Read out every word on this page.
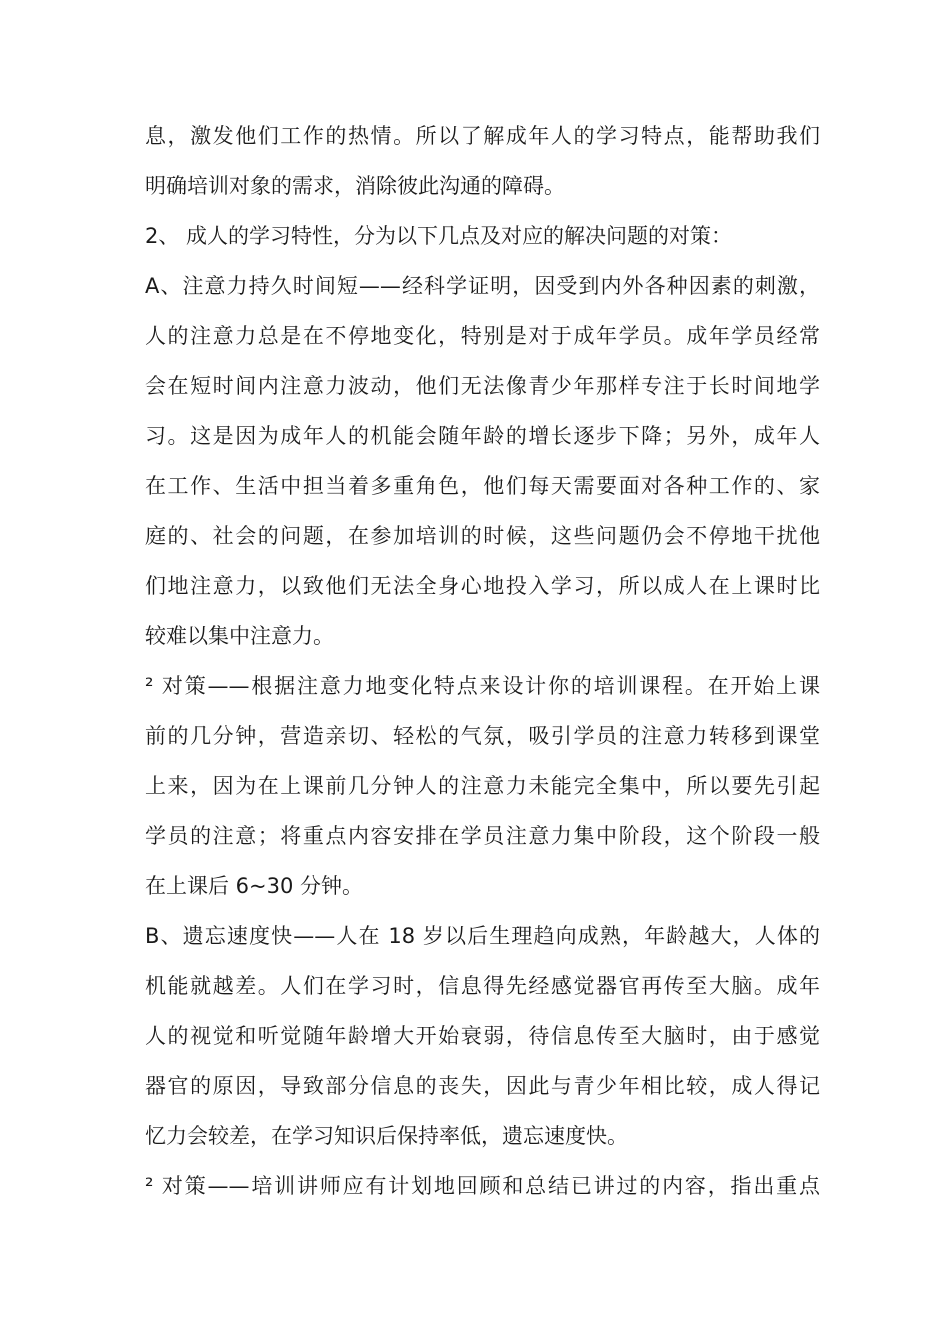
息，激发他们工作的热情。所以了解成年人的学习特点，能帮助我们
明确培训对象的需求，消除彼此沟通的障碍。
2、 成人的学习特性，分为以下几点及对应的解决问题的对策：
A、注意力持久时间短——经科学证明，因受到内外各种因素的刺激，
人的注意力总是在不停地变化，特别是对于成年学员。成年学员经常
会在短时间内注意力波动，他们无法像青少年那样专注于长时间地学
习。这是因为成年人的机能会随年龄的增长逐步下降；另外，成年人
在工作、生活中担当着多重角色，他们每天需要面对各种工作的、家
庭的、社会的问题，在参加培训的时候，这些问题仍会不停地干扰他
们地注意力，以致他们无法全身心地投入学习，所以成人在上课时比
较难以集中注意力。
² 对策——根据注意力地变化特点来设计你的培训课程。在开始上课
前的几分钟，营造亲切、轻松的气氛，吸引学员的注意力转移到课堂
上来，因为在上课前几分钟人的注意力未能完全集中，所以要先引起
学员的注意；将重点内容安排在学员注意力集中阶段，这个阶段一般
在上课后 6~30 分钟。
B、遗忘速度快——人在 18 岁以后生理趋向成熟，年龄越大，人体的
机能就越差。人们在学习时，信息得先经感觉器官再传至大脑。成年
人的视觉和听觉随年龄增大开始衰弱，待信息传至大脑时，由于感觉
器官的原因，导致部分信息的丧失，因此与青少年相比较，成人得记
忆力会较差，在学习知识后保持率低，遗忘速度快。
² 对策——培训讲师应有计划地回顾和总结已讲过的内容，指出重点
